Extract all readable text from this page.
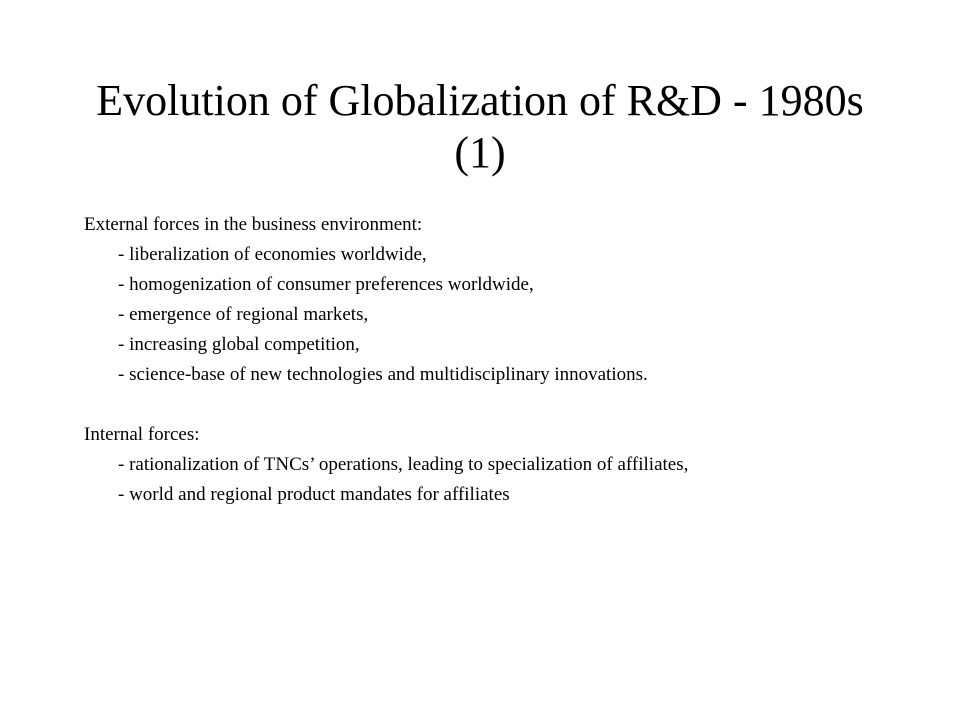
Evolution of Globalization of R&D - 1980s
(1)
External forces in the business environment:
- liberalization of economies worldwide,
- homogenization of consumer preferences worldwide,
- emergence of regional markets,
- increasing global competition,
- science-base of new technologies and multidisciplinary innovations.
Internal forces:
- rationalization of TNCs’ operations, leading to specialization of affiliates,
- world and regional product mandates for affiliates
